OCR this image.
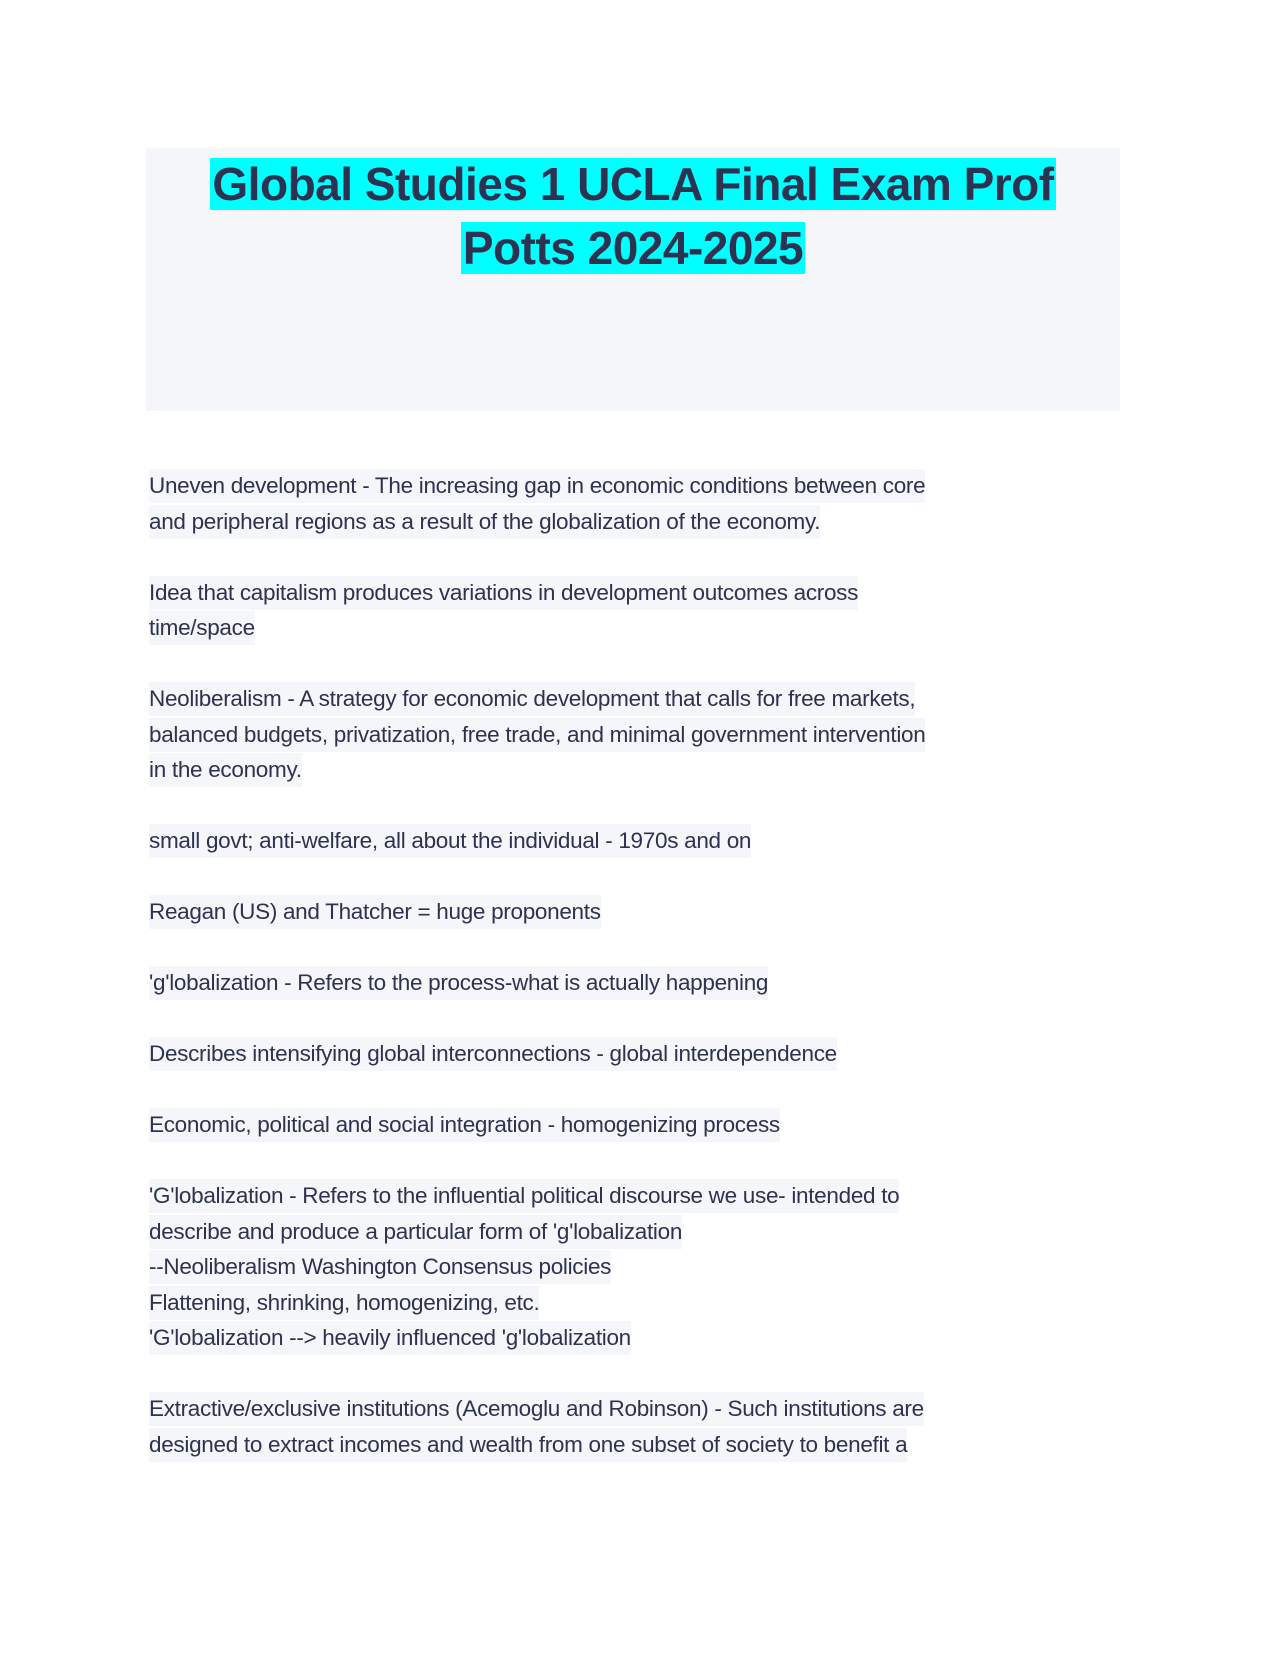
Global Studies 1 UCLA Final Exam Prof
Potts 2024-2025
Uneven development - The increasing gap in economic conditions between core
and peripheral regions as a result of the globalization of the economy.
Idea that capitalism produces variations in development outcomes across
time/space
Neoliberalism - A strategy for economic development that calls for free markets,
balanced budgets, privatization, free trade, and minimal government intervention
in the economy.
small govt; anti-welfare, all about the individual - 1970s and on
Reagan (US) and Thatcher = huge proponents
'g'lobalization - Refers to the process-what is actually happening
Describes intensifying global interconnections - global interdependence
Economic, political and social integration - homogenizing process
'G'lobalization - Refers to the influential political discourse we use- intended to
describe and produce a particular form of 'g'lobalization
--Neoliberalism Washington Consensus policies
Flattening, shrinking, homogenizing, etc.
'G'lobalization --> heavily influenced 'g'lobalization
Extractive/exclusive institutions (Acemoglu and Robinson) - Such institutions are
designed to extract incomes and wealth from one subset of society to benefit a
